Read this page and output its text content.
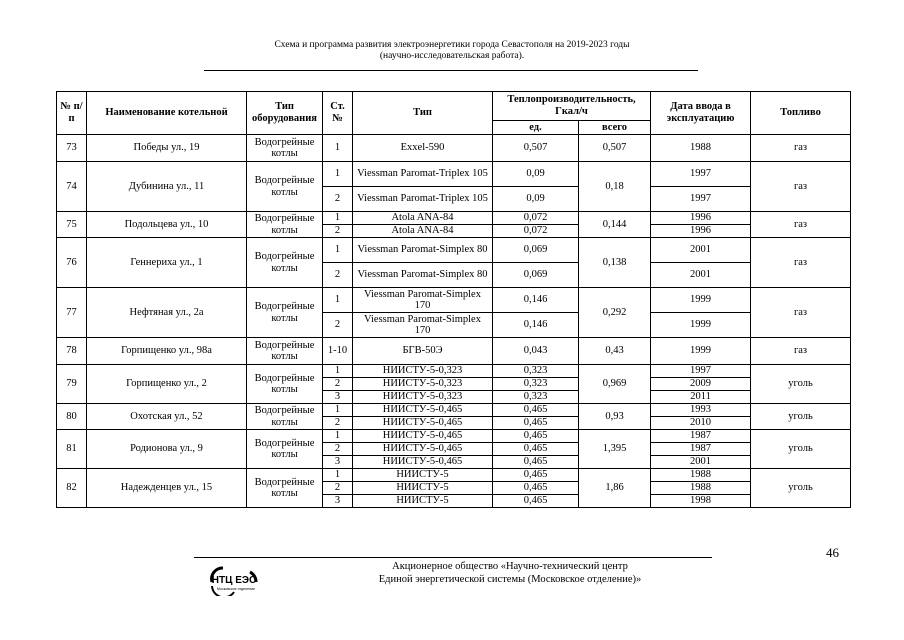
Схема и программа развития электроэнергетики города Севастополя на 2019-2023 годы
(научно-исследовательская работа).
№ п/п	Наименование котельной	Тип оборудования	Ст. №	Тип	Теплопроизводительность, Гкал/ч		Дата ввода в эксплуатацию	Топливо
					ед.	всего		
73	Победы ул., 19	Водогрейные котлы	1	Exxel-590	0,507	0,507	1988	газ
74	Дубинина ул., 11	Водогрейные котлы	1	Viessman Paromat-Triplex 105	0,09	0,18	1997	газ
			2	Viessman Paromat-Triplex 105	0,09		1997	
75	Подольцева ул., 10	Водогрейные котлы	1	Atola ANA-84	0,072	0,144	1996	газ
			2	Atola ANA-84	0,072		1996	
76	Геннериха ул., 1	Водогрейные котлы	1	Viessman Paromat-Simplex 80	0,069	0,138	2001	газ
			2	Viessman Paromat-Simplex 80	0,069		2001	
77	Нефтяная ул., 2а	Водогрейные котлы	1	Viessman Paromat-Simplex 170	0,146	0,292	1999	газ
			2	Viessman Paromat-Simplex 170	0,146		1999	
78	Горпищенко ул., 98а	Водогрейные котлы	1-10	БГВ-50Э	0,043	0,43	1999	газ
79	Горпищенко ул., 2	Водогрейные котлы	1	НИИСТУ-5-0,323	0,323	0,969	1997	уголь
			2	НИИСТУ-5-0,323	0,323		2009	
			3	НИИСТУ-5-0,323	0,323		2011	
80	Охотская ул., 52	Водогрейные котлы	1	НИИСТУ-5-0,465	0,465	0,93	1993	уголь
			2	НИИСТУ-5-0,465	0,465		2010	
81	Родионова ул., 9	Водогрейные котлы	1	НИИСТУ-5-0,465	0,465	1,395	1987	уголь
			2	НИИСТУ-5-0,465	0,465		1987	
			3	НИИСТУ-5-0,465	0,465		2001	
82	Надежденцев ул., 15	Водогрейные котлы	1	НИИСТУ-5	0,465	1,86	1988	уголь
			2	НИИСТУ-5	0,465		1988	
			3	НИИСТУ-5	0,465		1998	
46
НТЦ ЕЭС
Московское отделение
Акционерное общество «Научно-технический центр
Единой энергетической системы (Московское отделение)»
